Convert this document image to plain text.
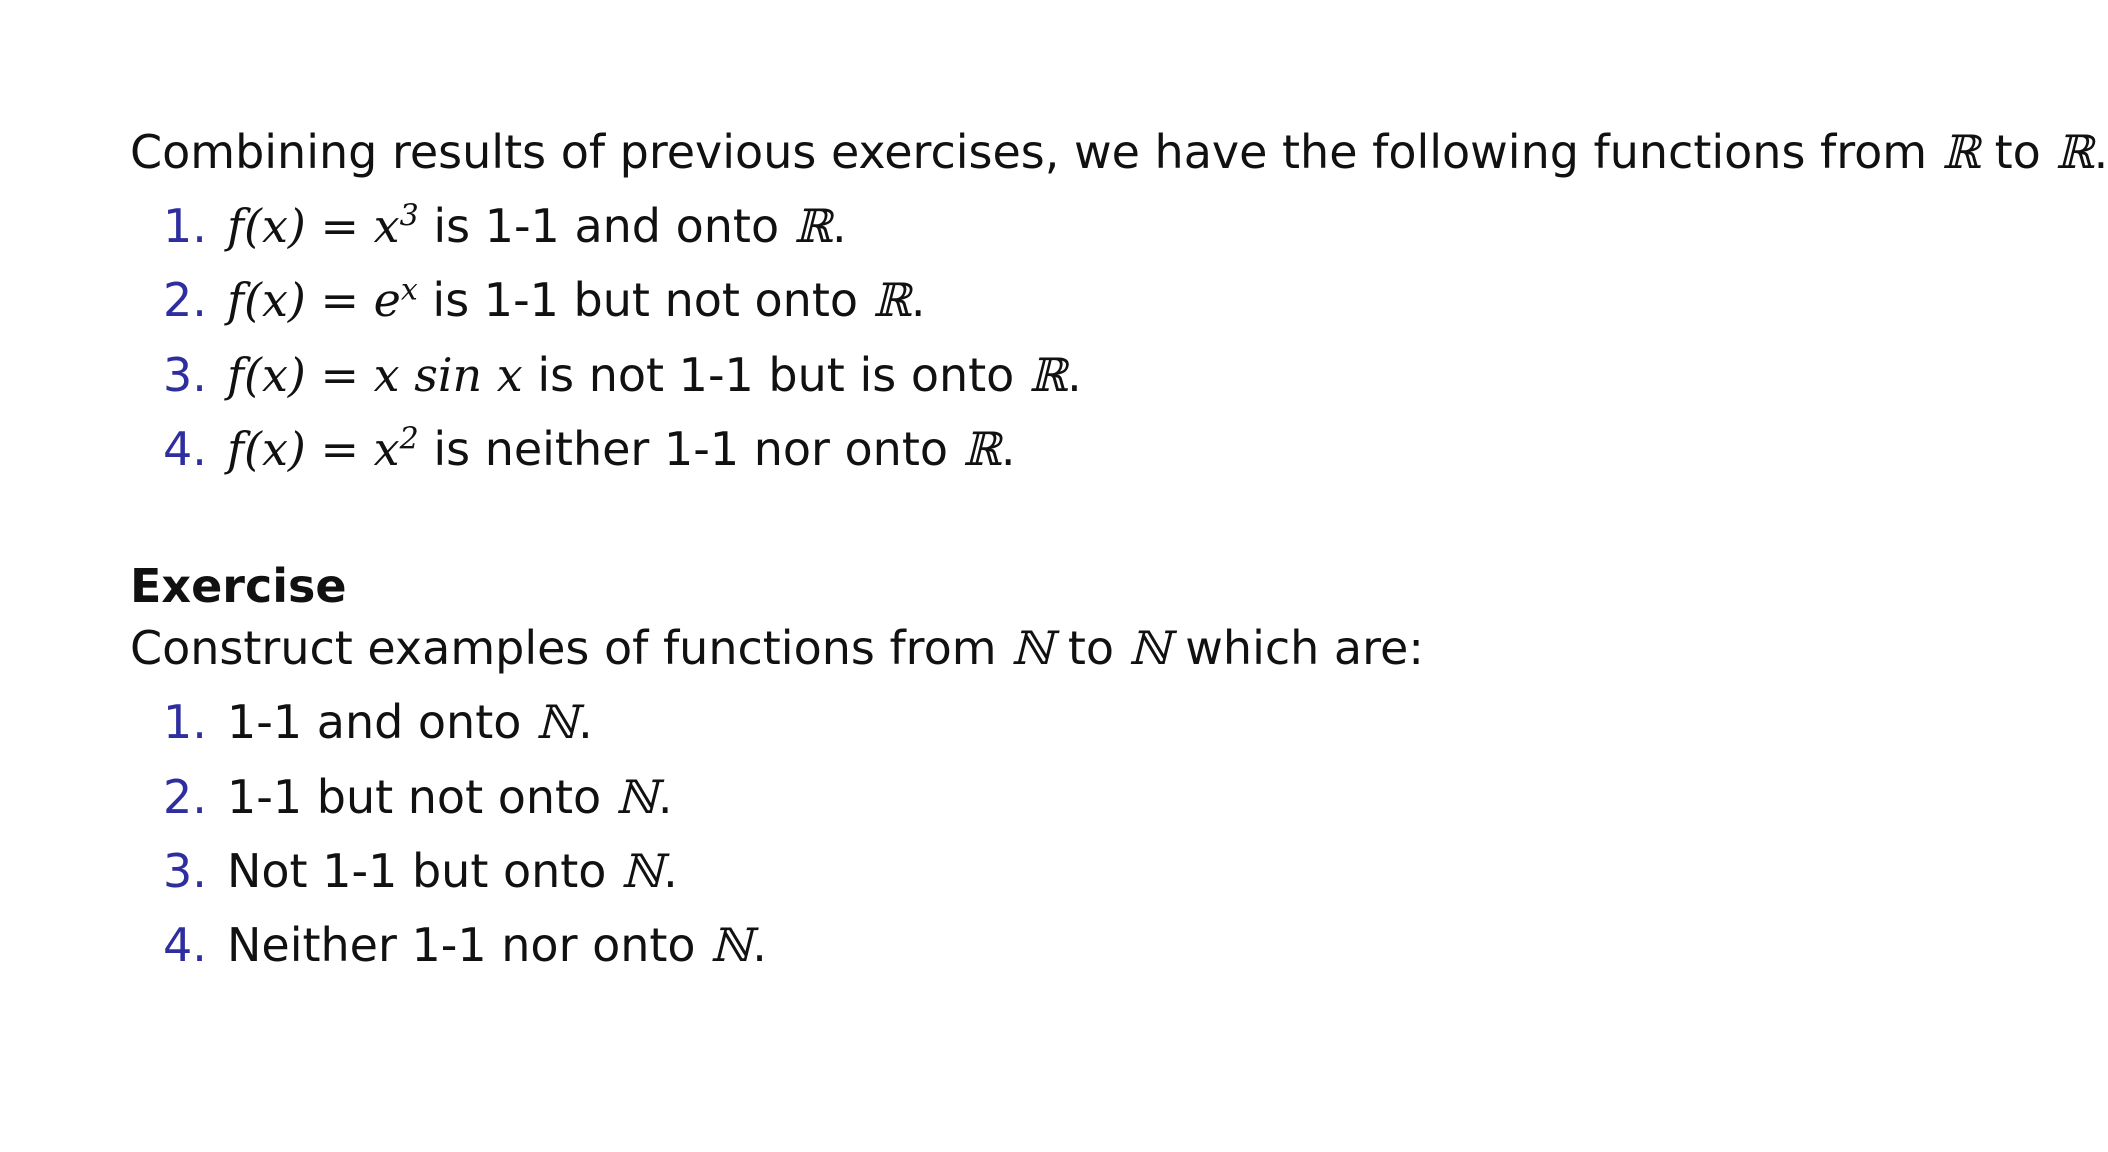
Combining results of previous exercises, we have the following functions from ℝ to ℝ.
1. $f(x) = x^3$ is 1-1 and onto ℝ.
2. $f(x) = e^x$ is 1-1 but not onto ℝ.
3. f(x) = x sin x is not 1-1 but is onto ℝ.
4. $f(x) = x^2$ is neither 1-1 nor onto ℝ.
Exercise
Construct examples of functions from ℕ to ℕ which are:
1. 1-1 and onto ℕ.
2. 1-1 but not onto ℕ.
3. Not 1-1 but onto ℕ.
4. Neither 1-1 nor onto ℕ.
